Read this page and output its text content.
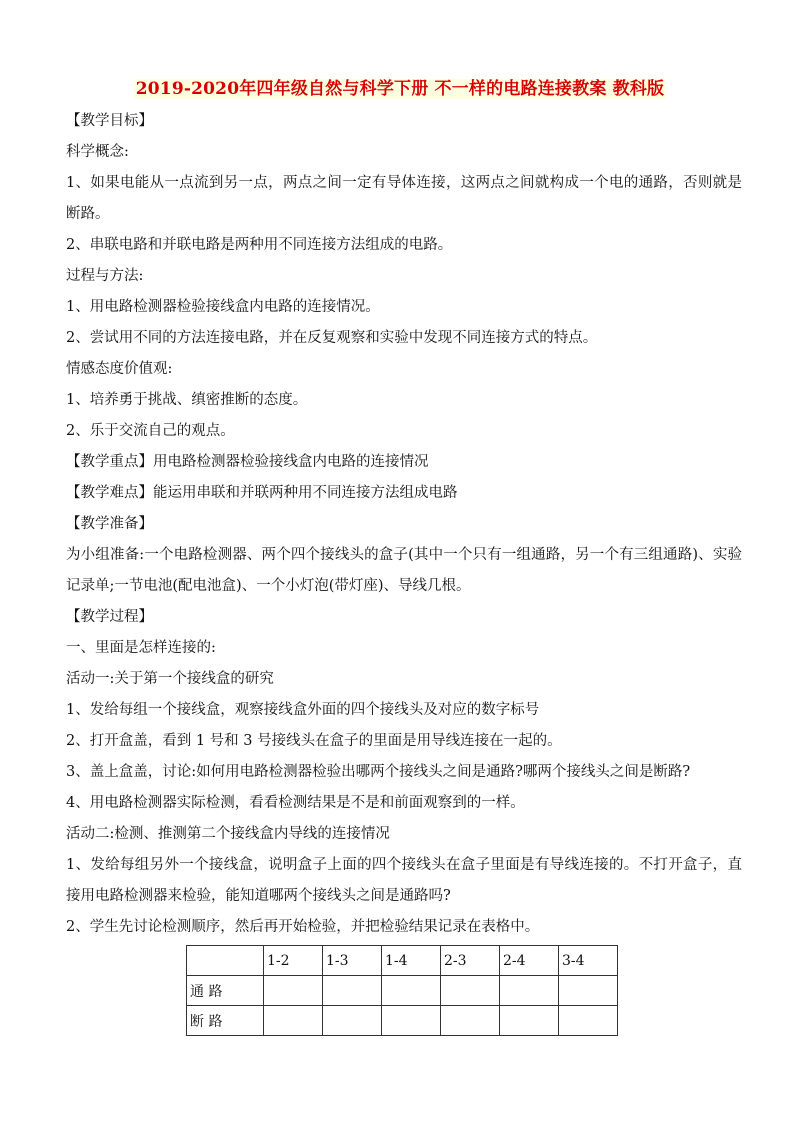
2019-2020年四年级自然与科学下册 不一样的电路连接教案 教科版

【教学目标】

科学概念:

1、如果电能从一点流到另一点，两点之间一定有导体连接，这两点之间就构成一个电的通路，否则就是断路。

2、串联电路和并联电路是两种用不同连接方法组成的电路。

过程与方法:

1、用电路检测器检验接线盒内电路的连接情况。

2、尝试用不同的方法连接电路，并在反复观察和实验中发现不同连接方式的特点。

情感态度价值观:

1、培养勇于挑战、缜密推断的态度。

2、乐于交流自己的观点。

【教学重点】用电路检测器检验接线盒内电路的连接情况

【教学难点】能运用串联和并联两种用不同连接方法组成电路

【教学准备】

为小组准备:一个电路检测器、两个四个接线头的盒子(其中一个只有一组通路，另一个有三组通路)、实验记录单;一节电池(配电池盒)、一个小灯泡(带灯座)、导线几根。

【教学过程】

一、里面是怎样连接的:

活动一:关于第一个接线盒的研究

1、发给每组一个接线盒，观察接线盒外面的四个接线头及对应的数字标号

2、打开盒盖，看到 1 号和 3 号接线头在盒子的里面是用导线连接在一起的。

3、盖上盒盖，讨论:如何用电路检测器检验出哪两个接线头之间是通路?哪两个接线头之间是断路?

4、用电路检测器实际检测，看看检测结果是不是和前面观察到的一样。

活动二:检测、推测第二个接线盒内导线的连接情况

1、发给每组另外一个接线盒，说明盒子上面的四个接线头在盒子里面是有导线连接的。不打开盒子，直接用电路检测器来检验，能知道哪两个接线头之间是通路吗?

2、学生先讨论检测顺序，然后再开始检验，并把检验结果记录在表格中。

	1-2	1-3	1-4	2-3	2-4	3-4
通 路						
断 路						
